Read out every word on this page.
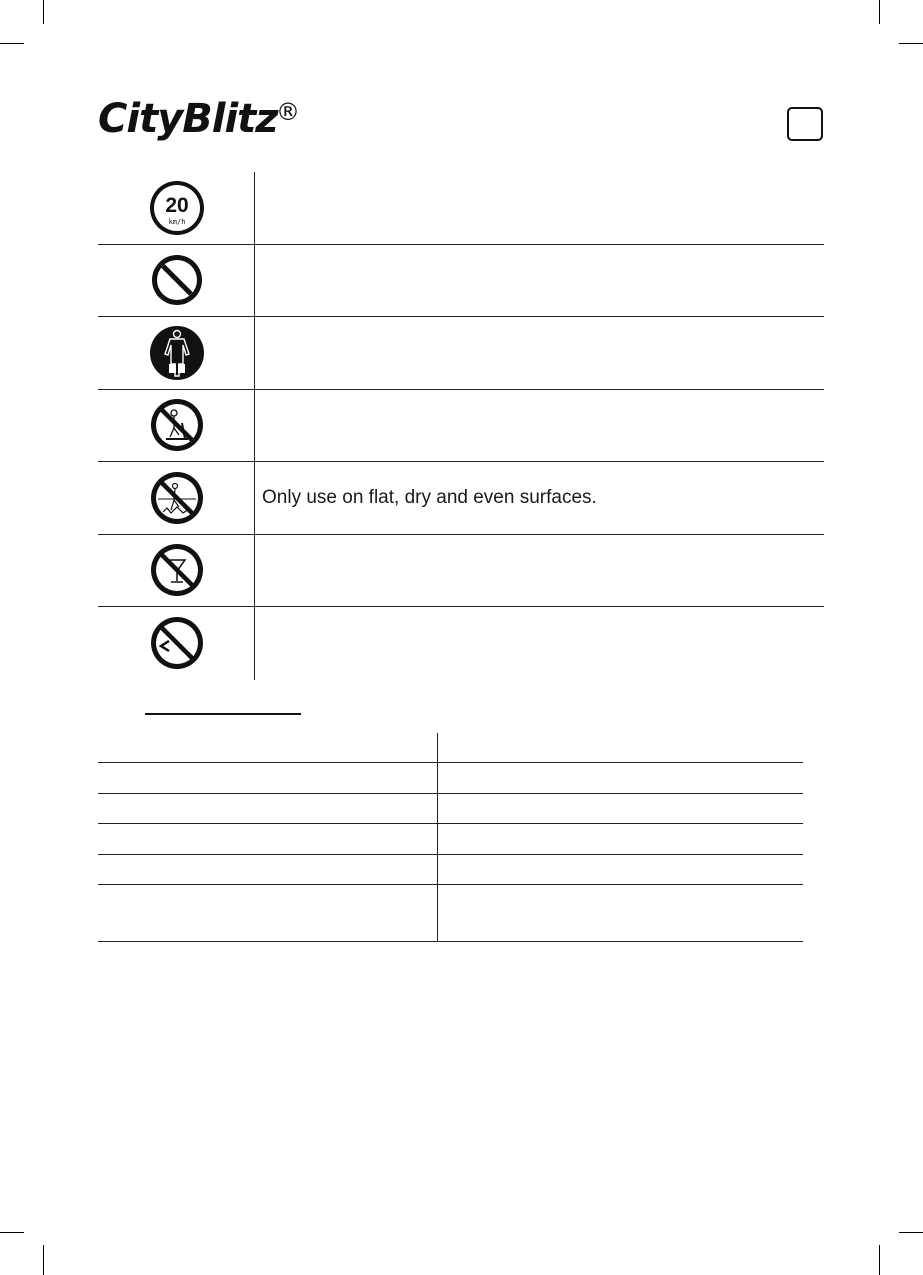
CityBlitz
®
20
km/h
Only use on flat, dry and even surfaces.
